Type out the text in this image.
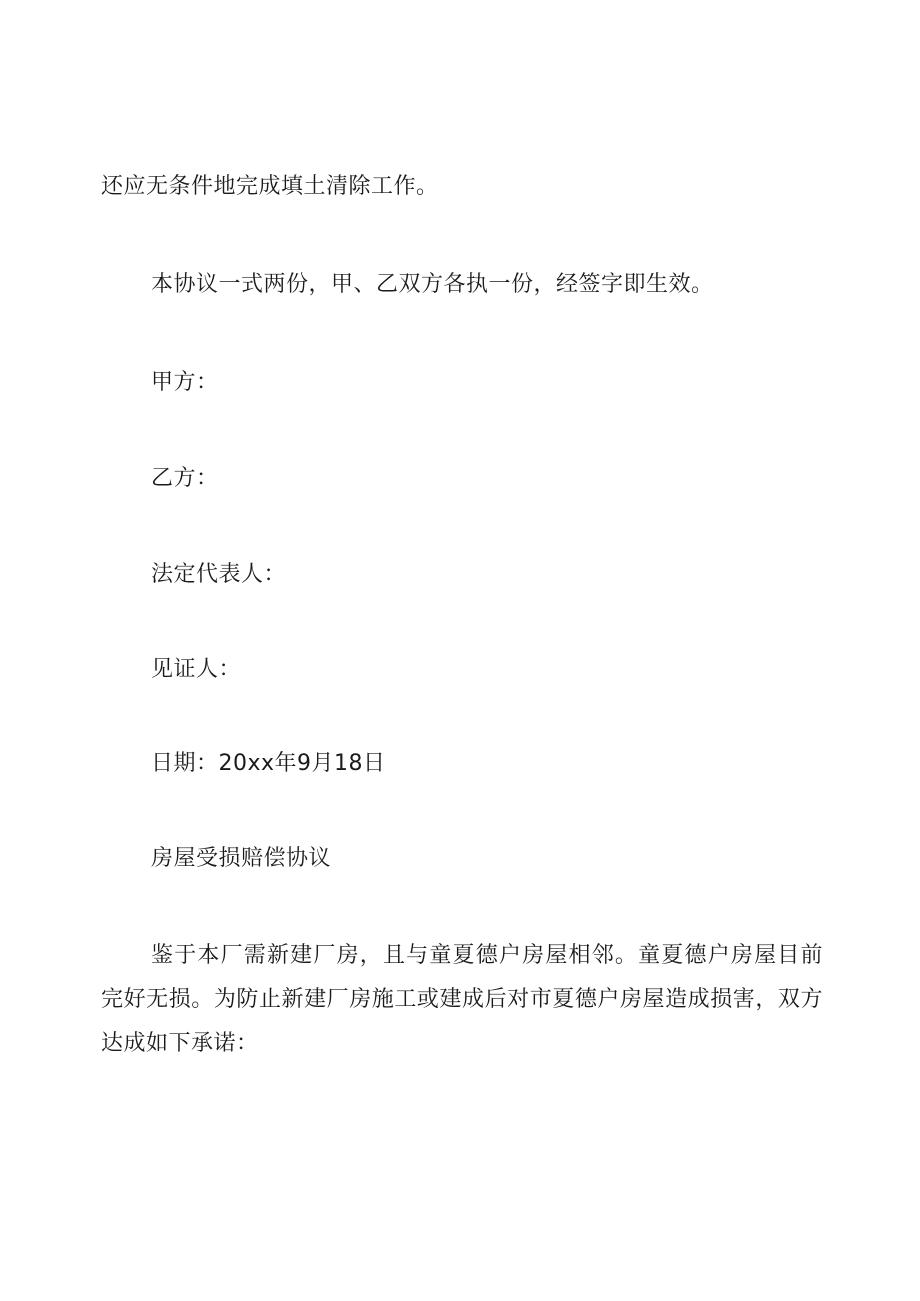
还应无条件地完成填土清除工作。
本协议一式两份，甲、乙双方各执一份，经签字即生效。
甲方：
乙方：
法定代表人：
见证人：
日期：20xx年9月18日
房屋受损赔偿协议
鉴于本厂需新建厂房，且与童夏德户房屋相邻。童夏德户房屋目前完好无损。为防止新建厂房施工或建成后对市夏德户房屋造成损害，双方达成如下承诺：
